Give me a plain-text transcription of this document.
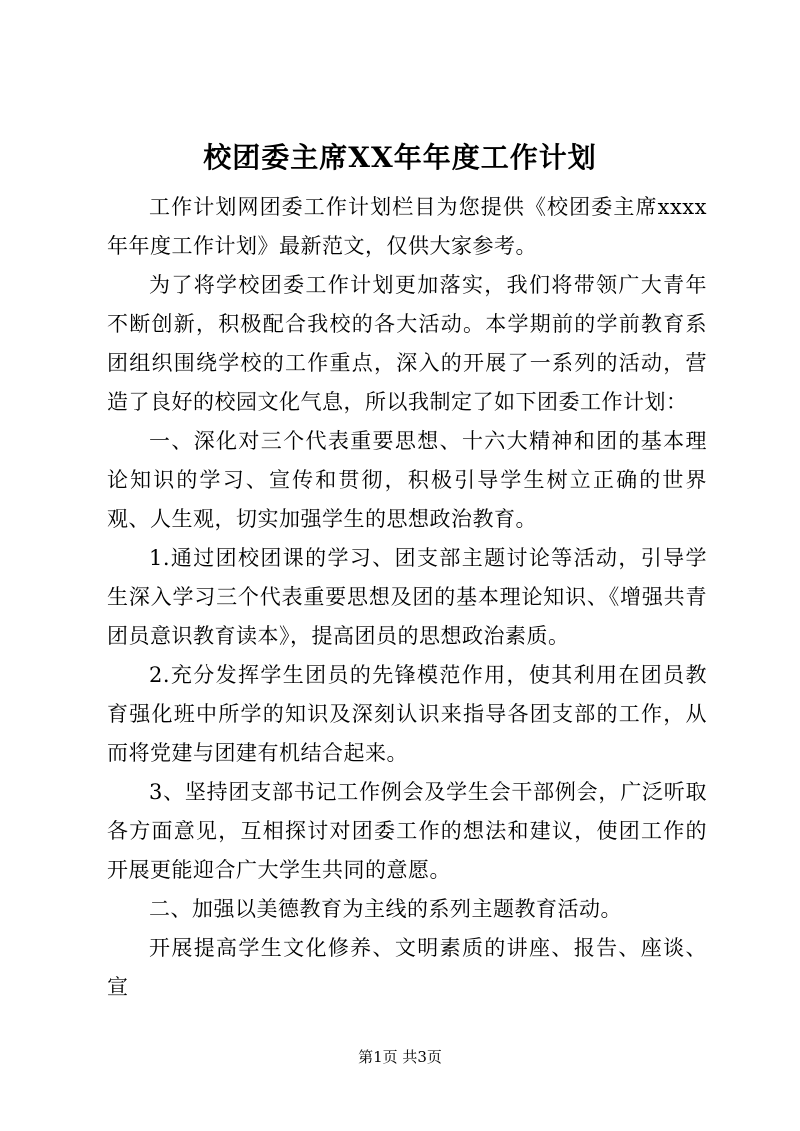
校团委主席XX年年度工作计划

工作计划网团委工作计划栏目为您提供《校团委主席xxxx年年度工作计划》最新范文，仅供大家参考。

为了将学校团委工作计划更加落实，我们将带领广大青年不断创新，积极配合我校的各大活动。本学期前的学前教育系团组织围绕学校的工作重点，深入的开展了一系列的活动，营造了良好的校园文化气息，所以我制定了如下团委工作计划：

一、深化对三个代表重要思想、十六大精神和团的基本理论知识的学习、宣传和贯彻，积极引导学生树立正确的世界观、人生观，切实加强学生的思想政治教育。

1.通过团校团课的学习、团支部主题讨论等活动，引导学生深入学习三个代表重要思想及团的基本理论知识、《增强共青团员意识教育读本》，提高团员的思想政治素质。

2.充分发挥学生团员的先锋模范作用，使其利用在团员教育强化班中所学的知识及深刻认识来指导各团支部的工作，从而将党建与团建有机结合起来。

3、坚持团支部书记工作例会及学生会干部例会，广泛听取各方面意见，互相探讨对团委工作的想法和建议，使团工作的开展更能迎合广大学生共同的意愿。

二、加强以美德教育为主线的系列主题教育活动。

开展提高学生文化修养、文明素质的讲座、报告、座谈、宣

第1页 共3页
